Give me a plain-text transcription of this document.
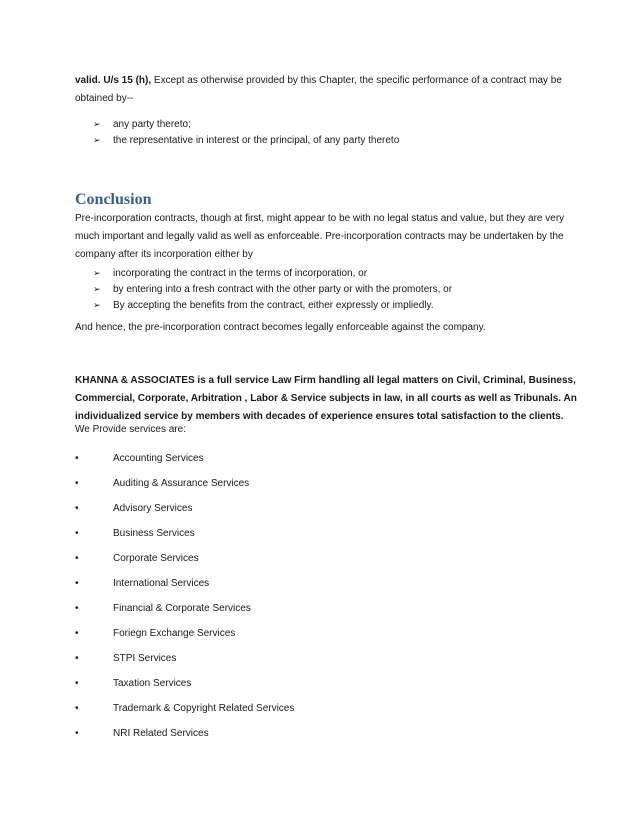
valid. U/s 15 (h), Except as otherwise provided by this Chapter, the specific performance of a contract may be obtained by--

➢ any party thereto;
➢ the representative in interest or the principal, of any party thereto
Conclusion

Pre-incorporation contracts, though at first, might appear to be with no legal status and value, but they are very much important and legally valid as well as enforceable. Pre-incorporation contracts may be undertaken by the company after its incorporation either by

➢ incorporating the contract in the terms of incorporation, or
➢ by entering into a fresh contract with the other party or with the promoters, or
➢ By accepting the benefits from the contract, either expressly or impliedly.

And hence, the pre-incorporation contract becomes legally enforceable against the company.

KHANNA & ASSOCIATES is a full service Law Firm handling all legal matters on Civil, Criminal, Business, Commercial, Corporate, Arbitration , Labor & Service subjects in law, in all courts as well as Tribunals. An individualized service by members with decades of experience ensures total satisfaction to the clients.

We Provide services are:

•	Accounting Services
•	Auditing & Assurance Services
•	Advisory Services
•	Business Services
•	Corporate Services
•	International Services
•	Financial & Corporate Services
•	Foriegn Exchange Services
•	STPI Services
•	Taxation Services
•	Trademark & Copyright Related Services
•	NRI Related Services
